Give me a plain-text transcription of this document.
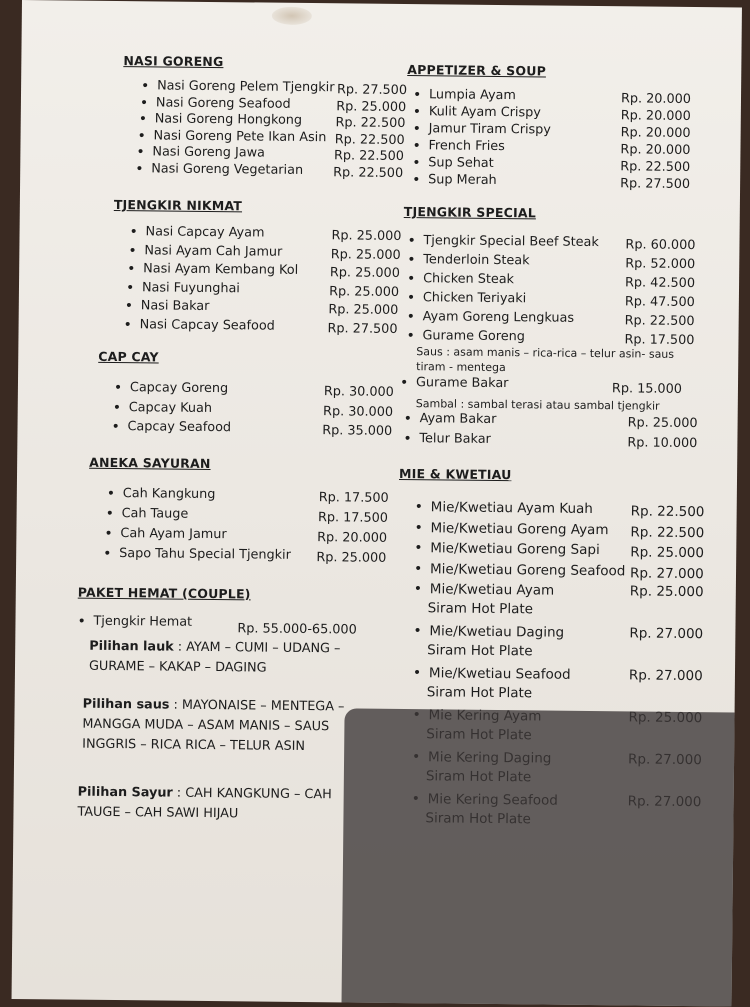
NASI GORENG
• Nasi Goreng Pelem Tjengkir Rp. 27.500
• Nasi Goreng Seafood	Rp. 25.000
• Nasi Goreng Hongkong	Rp. 22.500
• Nasi Goreng Pete Ikan Asin Rp. 22.500
• Nasi Goreng Jawa	Rp. 22.500
• Nasi Goreng Vegetarian Rp. 22.500
TJENGKIR NIKMAT
• Nasi Capcay Ayam	Rp. 25.000
• Nasi Ayam Cah Jamur	Rp. 25.000
• Nasi Ayam Kembang Kol Rp. 25.000
• Nasi Fuyunghai	Rp. 25.000
• Nasi Bakar	Rp. 25.000
• Nasi Capcay Seafood	Rp. 27.500
CAP CAY
• Capcay Goreng	Rp. 30.000
• Capcay Kuah	Rp. 30.000
• Capcay Seafood	Rp. 35.000
ANEKA SAYURAN
• Cah Kangkung	Rp. 17.500
• Cah Tauge	Rp. 17.500
• Cah Ayam Jamur	Rp. 20.000
• Sapo Tahu Special Tjengkir Rp. 25.000
PAKET HEMAT (COUPLE)
• Tjengkir Hemat	Rp. 55.000-65.000
Pilihan lauk : AYAM – CUMI – UDANG – GURAME – KAKAP – DAGING
Pilihan saus : MAYONAISE – MENTEGA – MANGGA MUDA – ASAM MANIS – SAUS INGGRIS – RICA RICA – TELUR ASIN
Pilihan Sayur : CAH KANGKUNG – CAH TAUGE – CAH SAWI HIJAU
APPETIZER & SOUP
• Lumpia Ayam	Rp. 20.000
• Kulit Ayam Crispy	Rp. 20.000
• Jamur Tiram Crispy	Rp. 20.000
• French Fries	Rp. 20.000
• Sup Sehat	Rp. 22.500
• Sup Merah	Rp. 27.500
TJENGKIR SPECIAL
• Tjengkir Special Beef Steak Rp. 60.000
• Tenderloin Steak	Rp. 52.000
• Chicken Steak	Rp. 42.500
• Chicken Teriyaki	Rp. 47.500
• Ayam Goreng Lengkuas	Rp. 22.500
• Gurame Goreng	Rp. 17.500
Saus : asam manis – rica-rica – telur asin- saus tiram - mentega
• Gurame Bakar	Rp. 15.000
Sambal : sambal terasi atau sambal tjengkir
• Ayam Bakar	Rp. 25.000
• Telur Bakar	Rp. 10.000
MIE & KWETIAU
• Mie/Kwetiau Ayam Kuah	Rp. 22.500
• Mie/Kwetiau Goreng Ayam Rp. 22.500
• Mie/Kwetiau Goreng Sapi Rp. 25.000
• Mie/Kwetiau Goreng Seafood Rp. 27.000
• Mie/Kwetiau Ayam	Rp. 25.000
Siram Hot Plate
• Mie/Kwetiau Daging	Rp. 27.000
Siram Hot Plate
• Mie/Kwetiau Seafood	Rp. 27.000
Siram Hot Plate
